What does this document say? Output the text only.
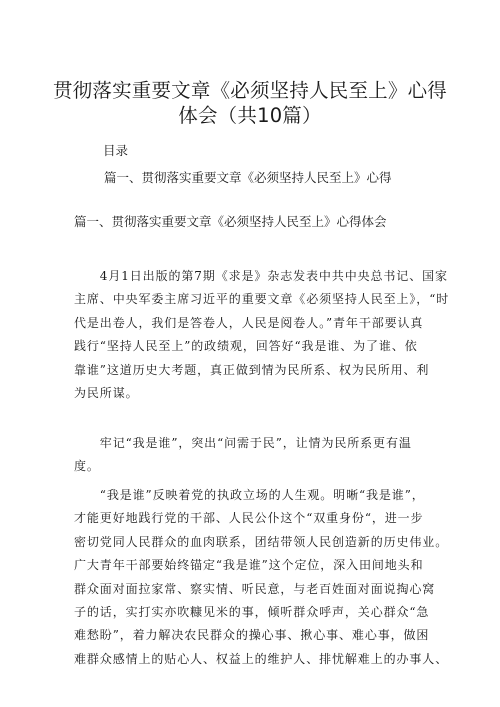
贯彻落实重要文章《必须坚持人民至上》心得
体会（共10篇）
目录
篇一、贯彻落实重要文章《必须坚持人民至上》心得
篇一、贯彻落实重要文章《必须坚持人民至上》心得体会

　　4月1日出版的第7期《求是》杂志发表中共中央总书记、国家
主席、中央军委主席习近平的重要文章《必须坚持人民至上》，“时
代是出卷人，我们是答卷人，人民是阅卷人。”青年干部要认真
践行“坚持人民至上”的政绩观，回答好“我是谁、为了谁、依
靠谁”这道历史大考题，真正做到情为民所系、权为民所用、利
为民所谋。

　　牢记“我是谁”，突出“问需于民”，让情为民所系更有温
度。

　　“我是谁”反映着党的执政立场的人生观。明晰“我是谁”，
才能更好地践行党的干部、人民公仆这个“双重身份“，进一步
密切党同人民群众的血肉联系，团结带领人民创造新的历史伟业。
广大青年干部要始终锚定“我是谁”这个定位，深入田间地头和
群众面对面拉家常、察实情、听民意，与老百姓面对面说掏心窝
子的话，实打实亦吹糠见米的事，倾听群众呼声，关心群众“急
难愁盼”，着力解决农民群众的操心事、揪心事、难心事，做困
难群众感情上的贴心人、权益上的维护人、排忧解难上的办事人、
